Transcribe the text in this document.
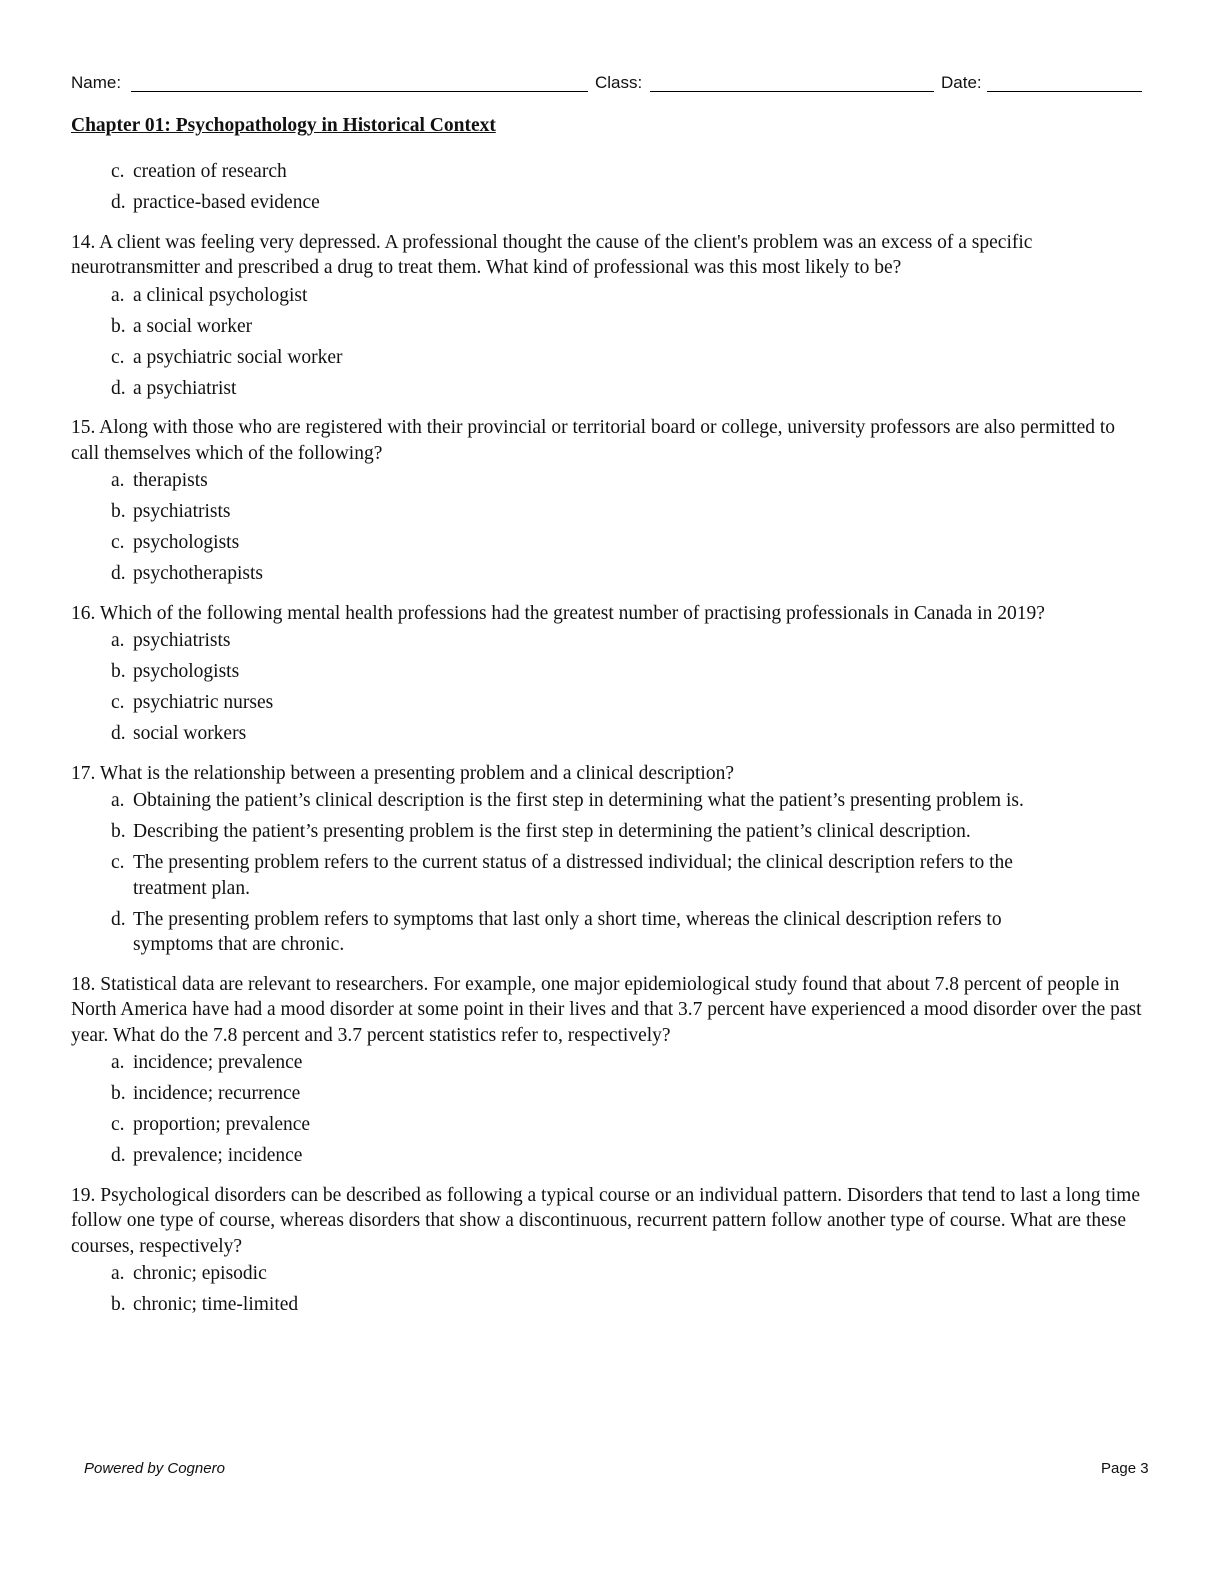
Name:	Class:	Date:
Chapter 01: Psychopathology in Historical Context
c. creation of research
d. practice-based evidence
14. A client was feeling very depressed. A professional thought the cause of the client's problem was an excess of a specific neurotransmitter and prescribed a drug to treat them. What kind of professional was this most likely to be?
a. a clinical psychologist
b. a social worker
c. a psychiatric social worker
d. a psychiatrist
15. Along with those who are registered with their provincial or territorial board or college, university professors are also permitted to call themselves which of the following?
a. therapists
b. psychiatrists
c. psychologists
d. psychotherapists
16. Which of the following mental health professions had the greatest number of practising professionals in Canada in 2019?
a. psychiatrists
b. psychologists
c. psychiatric nurses
d. social workers
17. What is the relationship between a presenting problem and a clinical description?
a. Obtaining the patient’s clinical description is the first step in determining what the patient’s presenting problem is.
b. Describing the patient’s presenting problem is the first step in determining the patient’s clinical description.
c. The presenting problem refers to the current status of a distressed individual; the clinical description refers to the treatment plan.
d. The presenting problem refers to symptoms that last only a short time, whereas the clinical description refers to symptoms that are chronic.
18. Statistical data are relevant to researchers. For example, one major epidemiological study found that about 7.8 percent of people in North America have had a mood disorder at some point in their lives and that 3.7 percent have experienced a mood disorder over the past year. What do the 7.8 percent and 3.7 percent statistics refer to, respectively?
a. incidence; prevalence
b. incidence; recurrence
c. proportion; prevalence
d. prevalence; incidence
19. Psychological disorders can be described as following a typical course or an individual pattern. Disorders that tend to last a long time follow one type of course, whereas disorders that show a discontinuous, recurrent pattern follow another type of course. What are these courses, respectively?
a. chronic; episodic
b. chronic; time-limited
Powered by Cognero	Page 3
